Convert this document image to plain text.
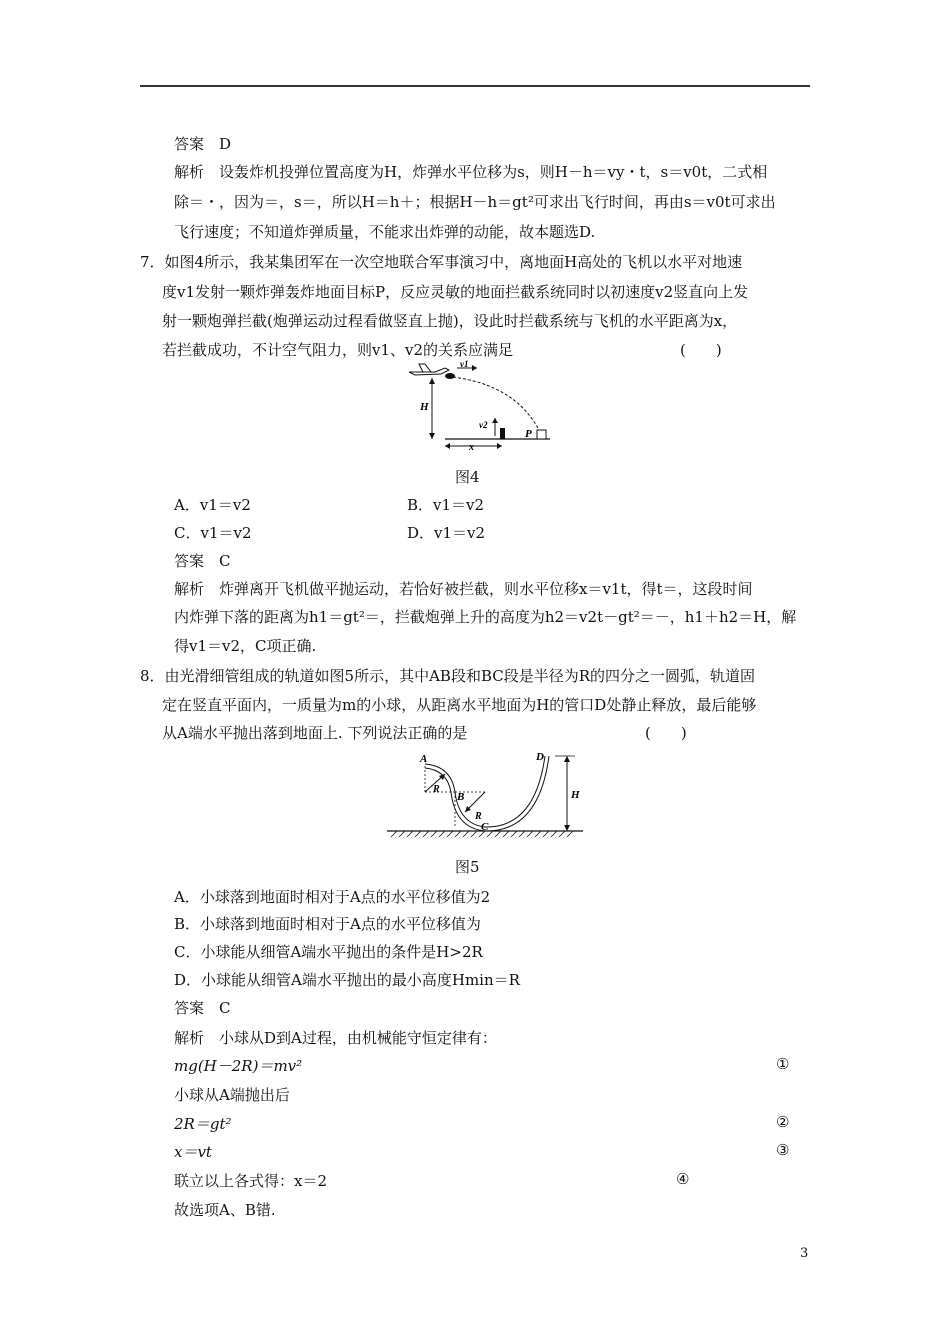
答案　D
解析　设轰炸机投弹位置高度为H，炸弹水平位移为s，则H－h＝vy・t，s＝v0t，二式相
除＝・，因为＝，s＝，所以H＝h＋；根据H－h＝gt²可求出飞行时间，再由s＝v0t可求出
飞行速度；不知道炸弹质量，不能求出炸弹的动能，故本题选D.
7．如图4所示，我某集团军在一次空地联合军事演习中，离地面H高处的飞机以水平对地速
度v1发射一颗炸弹轰炸地面目标P，反应灵敏的地面拦截系统同时以初速度v2竖直向上发
射一颗炮弹拦截(炮弹运动过程看做竖直上抛)，设此时拦截系统与飞机的水平距离为x，
若拦截成功，不计空气阻力，则v1、v2的关系应满足	(　　)
v1
H
v2
P
x
图4
A．v1＝v2	B．v1＝v2
C．v1＝v2	D．v1＝v2
答案　C
解析　炸弹离开飞机做平抛运动，若恰好被拦截，则水平位移x＝v1t，得t＝，这段时间
内炸弹下落的距离为h1＝gt²＝，拦截炮弹上升的高度为h2＝v2t－gt²＝－，h1＋h2＝H，解
得v1＝v2，C项正确.
8．由光滑细管组成的轨道如图5所示，其中AB段和BC段是半径为R的四分之一圆弧，轨道固
定在竖直平面内，一质量为m的小球，从距离水平地面为H的管口D处静止释放，最后能够
从A端水平抛出落到地面上. 下列说法正确的是	(　　)
A
B
C
D
R
R
H
图5
A．小球落到地面时相对于A点的水平位移值为2
B．小球落到地面时相对于A点的水平位移值为
C．小球能从细管A端水平抛出的条件是H>2R
D．小球能从细管A端水平抛出的最小高度Hmin＝R
答案　C
解析　小球从D到A过程，由机械能守恒定律有：
mg(H－2R)＝mv²	①
小球从A端抛出后
2R＝gt²	②
x＝vt	③
联立以上各式得：x＝2	④
故选项A、B错.
3
